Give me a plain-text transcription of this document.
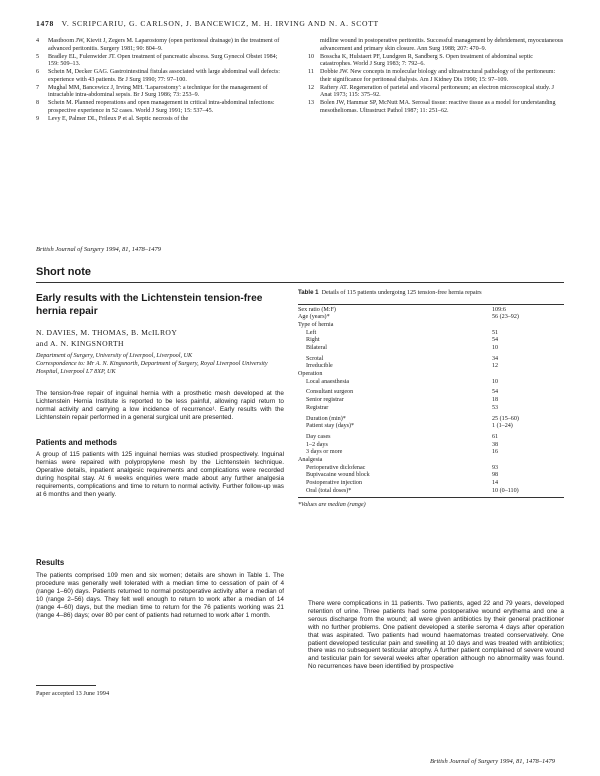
1478 V. SCRIPCARIU, G. CARLSON, J. BANCEWICZ, M. H. IRVING AND N. A. SCOTT
4	Mastboom JW, Kievit J, Zegers M. Laparostomy (open peritoneal drainage) in the treatment of advanced peritonitis. Surgery 1981; 90: 804–9.
5	Bradley EL, Fulenwider JT. Open treatment of pancreatic abscess. Surg Gynecol Obstet 1984; 159: 509–13.
6	Schein M, Decker GAG. Gastrointestinal fistulas associated with large abdominal wall defects: experience with 43 patients. Br J Surg 1990; 77: 97–100.
7	Mughal MM, Bancewicz J, Irving MH. 'Laparostomy': a technique for the management of intractable intra-abdominal sepsis. Br J Surg 1986; 73: 253–9.
8	Schein M. Planned reoperations and open management in critical intra-abdominal infections: prospective experience in 52 cases. World J Surg 1991; 15: 537–45.
9	Levy E, Palmer DL, Frileux P et al. Septic necrosis of the
midline wound in postoperative peritonitis. Successful management by debridement, myocutaneous advancement and primary skin closure. Ann Surg 1988; 207: 470–9.
10 Bosscha K, Hulstaert PF, Lundgren R, Sandberg S. Open treatment of abdominal septic catastrophes. World J Surg 1983; 7: 792–6.
11	Dobbie JW. New concepts in molecular biology and ultrastructural pathology of the peritoneum: their significance for peritoneal dialysis. Am J Kidney Dis 1990; 15: 97–109.
12 Raftery AT. Regeneration of parietal and visceral peritoneum; an electron microscopical study. J Anat 1973; 115: 375–92.
13 Bolen JW, Hammar SP, McNutt MA. Serosal tissue: reactive tissue as a model for understanding mesotheliomas. Ultrastruct Pathol 1987; 11: 251–62.
British Journal of Surgery 1994, 81, 1478–1479
Short note
Early results with the Lichtenstein tension-free hernia repair
N. DAVIES, M. THOMAS, B. McILROY
and A. N. KINGSNORTH
Department of Surgery, University of Liverpool, Liverpool, UK
Correspondence to: Mr A. N. Kingsnorth, Department of Surgery, Royal Liverpool University Hospital, Liverpool L7 8XP, UK
The tension-free repair of inguinal hernia with a prosthetic mesh developed at the Lichtenstein Hernia Institute is reported to be less painful, allowing rapid return to normal activity and carrying a low incidence of recurrence¹. Early results with the Lichtenstein repair performed in a general surgical unit are presented.
Patients and methods
A group of 115 patients with 125 inguinal hernias was studied prospectively. Inguinal hernias were repaired with polypropylene mesh by the Lichtenstein technique. Operative details, inpatient analgesic requirements and complications were recorded during hospital stay. At 6 weeks enquiries were made about any further analgesia requirements, complications and time to return to normal activity. Further follow-up was at 6 months and then yearly.
Results
The patients comprised 109 men and six women; details are shown in Table 1. The procedure was generally well tolerated with a median time to cessation of pain of 4 (range 1–60) days. Patients returned to normal postoperative activity after a median of 10 (range 2–56) days. They felt well enough to return to work after a median of 14 (range 4–60) days, but the median time to return for the 76 patients working was 21 (range 4–86) days; over 80 per cent of patients had returned to work after 1 month.
Paper accepted 13 June 1994
Table 1 Details of 115 patients undergoing 125 tension-free hernia repairs
Sex ratio (M:F)	109:6
Age (years)*	56 (23–92)
Type of hernia
Left	51
Right	54
Bilateral	10
Scrotal	34
Irreducible	12
Operation
Local anaesthesia	10
Consultant surgeon	54
Senior registrar	18
Registrar	53
Duration (min)*	25 (15–60)
Patient stay (days)*	1 (1–24)
Day cases	61
1–2 days	38
3 days or more	16
Analgesia
Perioperative diclofenac	93
Bupivacaine wound block	98
Postoperative injection	14
Oral (total doses)*	10 (0–110)
*Values are median (range)
There were complications in 11 patients. Two patients, aged 22 and 79 years, developed retention of urine. Three patients had some postoperative wound erythema and one a serous discharge from the wound; all were given antibiotics by their general practitioner with no further problems. One patient developed a sterile seroma 4 days after operation that was aspirated. Two patients had wound haematomas treated conservatively. One patient developed testicular pain and swelling at 10 days and was treated with antibiotics; there was no subsequent testicular atrophy. A further patient complained of severe wound and testicular pain for several weeks after operation although no abnormality was found. No recurrences have been identified by prospective
British Journal of Surgery 1994, 81, 1478–1479
